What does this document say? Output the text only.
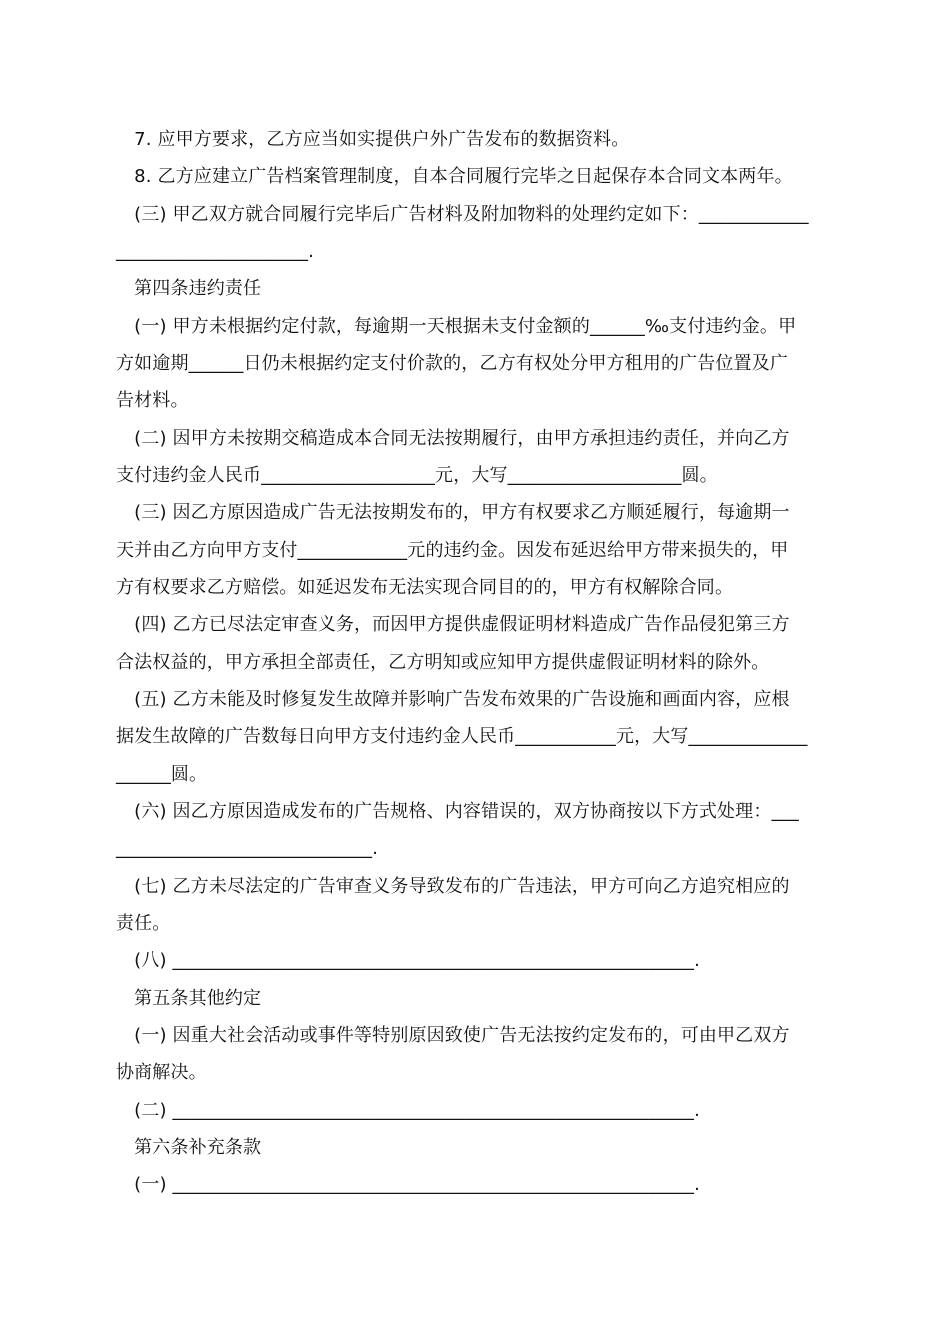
　7. 应甲方要求，乙方应当如实提供户外广告发布的数据资料。
　8. 乙方应建立广告档案管理制度，自本合同履行完毕之日起保存本合同文本两年。
　(三) 甲乙双方就合同履行完毕后广告材料及附加物料的处理约定如下：____________
_____________________.
　第四条违约责任
　(一) 甲方未根据约定付款，每逾期一天根据未支付金额的______‰支付违约金。甲
方如逾期______日仍未根据约定支付价款的，乙方有权处分甲方租用的广告位置及广
告材料。
　(二) 因甲方未按期交稿造成本合同无法按期履行，由甲方承担违约责任，并向乙方
支付违约金人民币___________________元，大写___________________圆。
　(三) 因乙方原因造成广告无法按期发布的，甲方有权要求乙方顺延履行，每逾期一
天并由乙方向甲方支付____________元的违约金。因发布延迟给甲方带来损失的，甲
方有权要求乙方赔偿。如延迟发布无法实现合同目的的，甲方有权解除合同。
　(四) 乙方已尽法定审查义务，而因甲方提供虚假证明材料造成广告作品侵犯第三方
合法权益的，甲方承担全部责任，乙方明知或应知甲方提供虚假证明材料的除外。
　(五) 乙方未能及时修复发生故障并影响广告发布效果的广告设施和画面内容，应根
据发生故障的广告数每日向甲方支付违约金人民币___________元，大写_____________
______圆。
　(六) 因乙方原因造成发布的广告规格、内容错误的，双方协商按以下方式处理：___
____________________________.
　(七) 乙方未尽法定的广告审查义务导致发布的广告违法，甲方可向乙方追究相应的
责任。
　(八) _________________________________________________________.
　第五条其他约定
　(一) 因重大社会活动或事件等特别原因致使广告无法按约定发布的，可由甲乙双方
协商解决。
　(二) _________________________________________________________.
　第六条补充条款
　(一) _________________________________________________________.
